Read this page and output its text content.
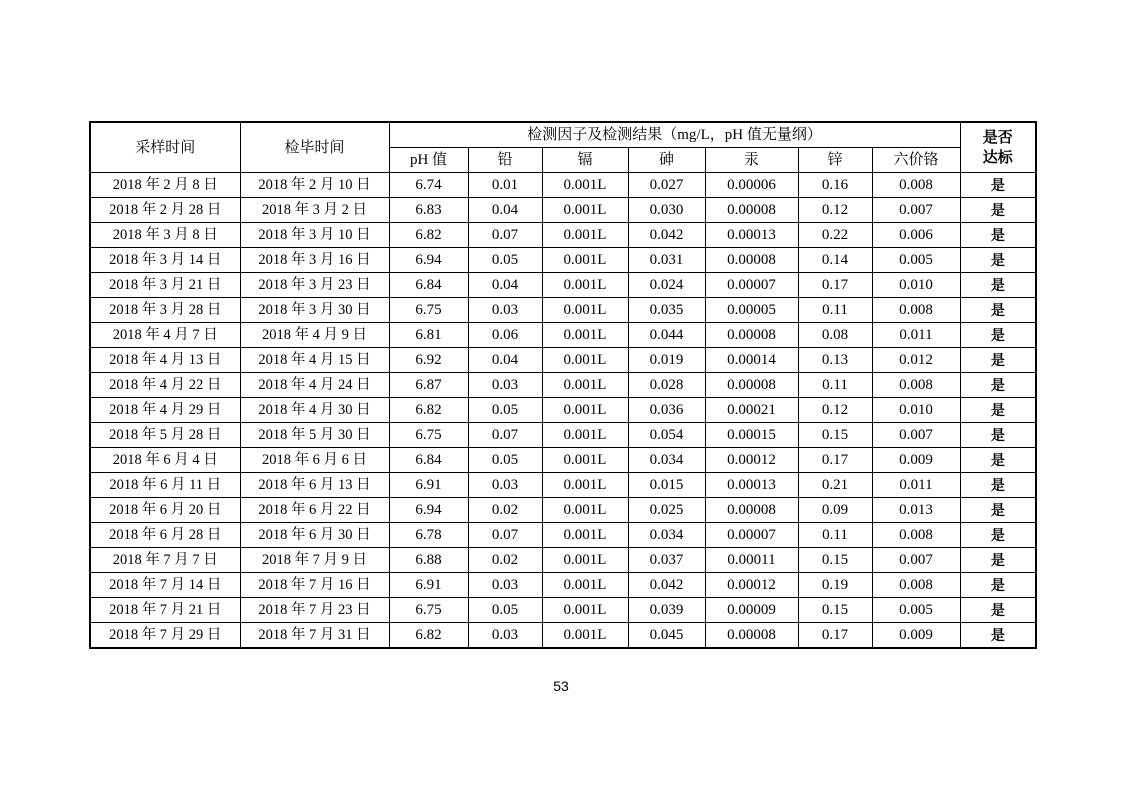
采样时间	检毕时间	检测因子及检测结果（mg/L，pH 值无量纲）							是否达标
		pH 值	铅	镉	砷	汞	锌	六价铬	
2018 年 2 月 8 日	2018 年 2 月 10 日	6.74	0.01	0.001L	0.027	0.00006	0.16	0.008	是
2018 年 2 月 28 日	2018 年 3 月 2 日	6.83	0.04	0.001L	0.030	0.00008	0.12	0.007	是
2018 年 3 月 8 日	2018 年 3 月 10 日	6.82	0.07	0.001L	0.042	0.00013	0.22	0.006	是
2018 年 3 月 14 日	2018 年 3 月 16 日	6.94	0.05	0.001L	0.031	0.00008	0.14	0.005	是
2018 年 3 月 21 日	2018 年 3 月 23 日	6.84	0.04	0.001L	0.024	0.00007	0.17	0.010	是
2018 年 3 月 28 日	2018 年 3 月 30 日	6.75	0.03	0.001L	0.035	0.00005	0.11	0.008	是
2018 年 4 月 7 日	2018 年 4 月 9 日	6.81	0.06	0.001L	0.044	0.00008	0.08	0.011	是
2018 年 4 月 13 日	2018 年 4 月 15 日	6.92	0.04	0.001L	0.019	0.00014	0.13	0.012	是
2018 年 4 月 22 日	2018 年 4 月 24 日	6.87	0.03	0.001L	0.028	0.00008	0.11	0.008	是
2018 年 4 月 29 日	2018 年 4 月 30 日	6.82	0.05	0.001L	0.036	0.00021	0.12	0.010	是
2018 年 5 月 28 日	2018 年 5 月 30 日	6.75	0.07	0.001L	0.054	0.00015	0.15	0.007	是
2018 年 6 月 4 日	2018 年 6 月 6 日	6.84	0.05	0.001L	0.034	0.00012	0.17	0.009	是
2018 年 6 月 11 日	2018 年 6 月 13 日	6.91	0.03	0.001L	0.015	0.00013	0.21	0.011	是
2018 年 6 月 20 日	2018 年 6 月 22 日	6.94	0.02	0.001L	0.025	0.00008	0.09	0.013	是
2018 年 6 月 28 日	2018 年 6 月 30 日	6.78	0.07	0.001L	0.034	0.00007	0.11	0.008	是
2018 年 7 月 7 日	2018 年 7 月 9 日	6.88	0.02	0.001L	0.037	0.00011	0.15	0.007	是
2018 年 7 月 14 日	2018 年 7 月 16 日	6.91	0.03	0.001L	0.042	0.00012	0.19	0.008	是
2018 年 7 月 21 日	2018 年 7 月 23 日	6.75	0.05	0.001L	0.039	0.00009	0.15	0.005	是
2018 年 7 月 29 日	2018 年 7 月 31 日	6.82	0.03	0.001L	0.045	0.00008	0.17	0.009	是
53
